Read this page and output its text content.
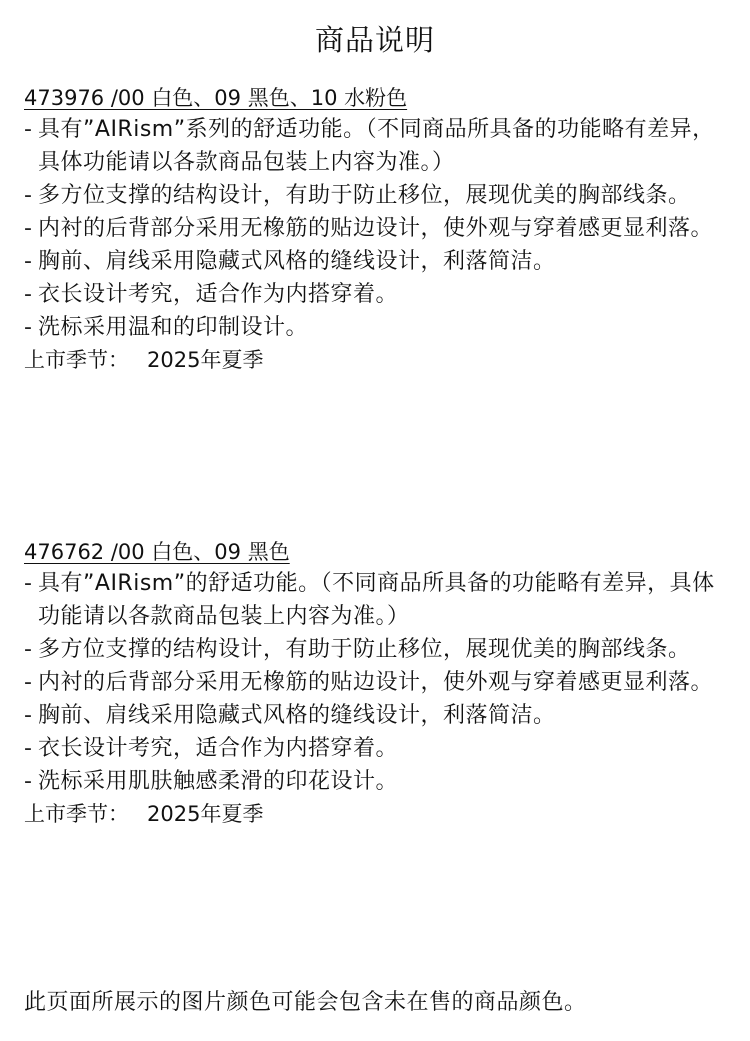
商品说明
473976 /00 白色、09 黑色、10 水粉色
- 具有”AIRism”系列的舒适功能。（不同商品所具备的功能略有差异，具体功能请以各款商品包装上内容为准。）
- 多方位支撑的结构设计，有助于防止移位，展现优美的胸部线条。
- 内衬的后背部分采用无橡筋的贴边设计，使外观与穿着感更显利落。
- 胸前、肩线采用隐藏式风格的缝线设计，利落简洁。
- 衣长设计考究，适合作为内搭穿着。
- 洗标采用温和的印制设计。
上市季节： 2025年夏季
476762 /00 白色、09 黑色
- 具有”AIRism”的舒适功能。（不同商品所具备的功能略有差异，具体功能请以各款商品包装上内容为准。）
- 多方位支撑的结构设计，有助于防止移位，展现优美的胸部线条。
- 内衬的后背部分采用无橡筋的贴边设计，使外观与穿着感更显利落。
- 胸前、肩线采用隐藏式风格的缝线设计，利落简洁。
- 衣长设计考究，适合作为内搭穿着。
- 洗标采用肌肤触感柔滑的印花设计。
上市季节： 2025年夏季
此页面所展示的图片颜色可能会包含未在售的商品颜色。
